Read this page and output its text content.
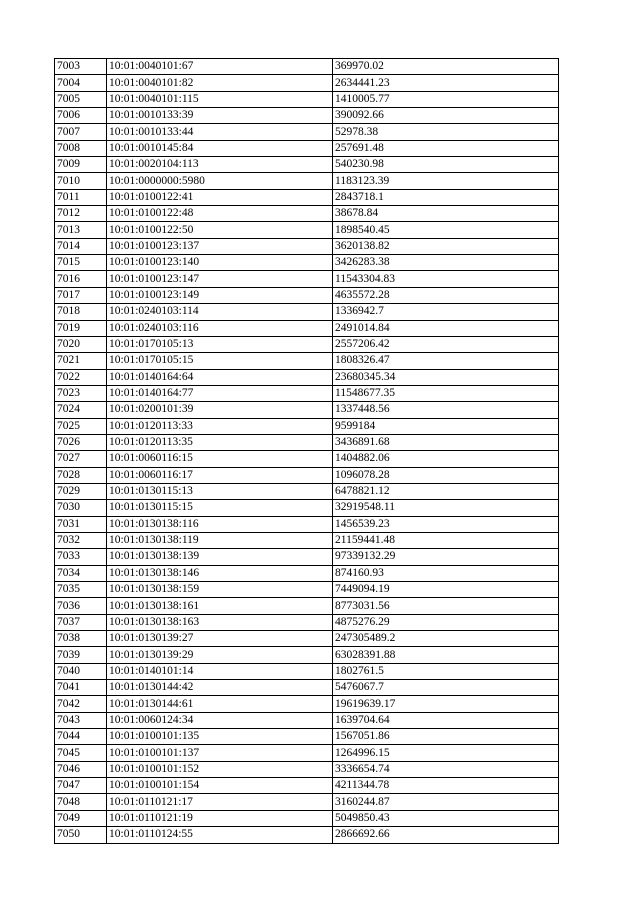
7003	10:01:0040101:67	369970.02
7004	10:01:0040101:82	2634441.23
7005	10:01:0040101:115	1410005.77
7006	10:01:0010133:39	390092.66
7007	10:01:0010133:44	52978.38
7008	10:01:0010145:84	257691.48
7009	10:01:0020104:113	540230.98
7010	10:01:0000000:5980	1183123.39
7011	10:01:0100122:41	2843718.1
7012	10:01:0100122:48	38678.84
7013	10:01:0100122:50	1898540.45
7014	10:01:0100123:137	3620138.82
7015	10:01:0100123:140	3426283.38
7016	10:01:0100123:147	11543304.83
7017	10:01:0100123:149	4635572.28
7018	10:01:0240103:114	1336942.7
7019	10:01:0240103:116	2491014.84
7020	10:01:0170105:13	2557206.42
7021	10:01:0170105:15	1808326.47
7022	10:01:0140164:64	23680345.34
7023	10:01:0140164:77	11548677.35
7024	10:01:0200101:39	1337448.56
7025	10:01:0120113:33	9599184
7026	10:01:0120113:35	3436891.68
7027	10:01:0060116:15	1404882.06
7028	10:01:0060116:17	1096078.28
7029	10:01:0130115:13	6478821.12
7030	10:01:0130115:15	32919548.11
7031	10:01:0130138:116	1456539.23
7032	10:01:0130138:119	21159441.48
7033	10:01:0130138:139	97339132.29
7034	10:01:0130138:146	874160.93
7035	10:01:0130138:159	7449094.19
7036	10:01:0130138:161	8773031.56
7037	10:01:0130138:163	4875276.29
7038	10:01:0130139:27	247305489.2
7039	10:01:0130139:29	63028391.88
7040	10:01:0140101:14	1802761.5
7041	10:01:0130144:42	5476067.7
7042	10:01:0130144:61	19619639.17
7043	10:01:0060124:34	1639704.64
7044	10:01:0100101:135	1567051.86
7045	10:01:0100101:137	1264996.15
7046	10:01:0100101:152	3336654.74
7047	10:01:0100101:154	4211344.78
7048	10:01:0110121:17	3160244.87
7049	10:01:0110121:19	5049850.43
7050	10:01:0110124:55	2866692.66
